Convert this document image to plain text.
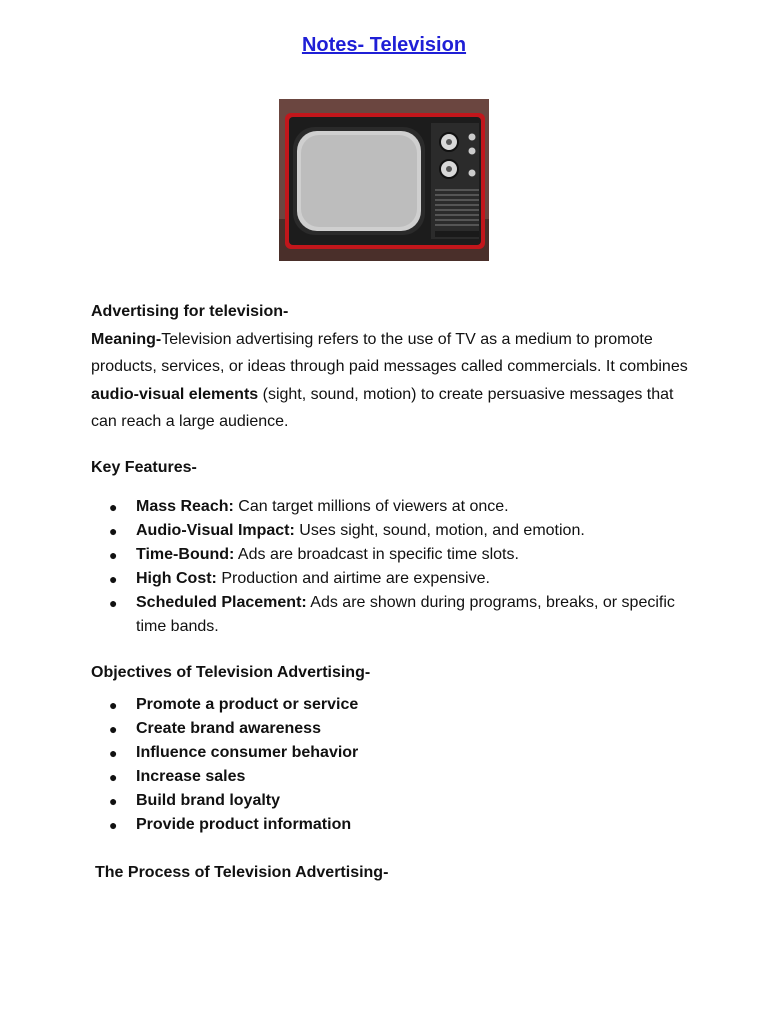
Notes- Television
Advertising for television-

Meaning-Television advertising refers to the use of TV as a medium to promote products, services, or ideas through paid messages called commercials. It combines audio-visual elements (sight, sound, motion) to create persuasive messages that can reach a large audience.

Key Features-
● Mass Reach: Can target millions of viewers at once.
● Audio-Visual Impact: Uses sight, sound, motion, and emotion.
● Time-Bound: Ads are broadcast in specific time slots.
● High Cost: Production and airtime are expensive.
● Scheduled Placement: Ads are shown during programs, breaks, or specific time bands.
Objectives of Television Advertising-
● Promote a product or service
● Create brand awareness
● Influence consumer behavior
● Increase sales
● Build brand loyalty
● Provide product information
The Process of Television Advertising-
